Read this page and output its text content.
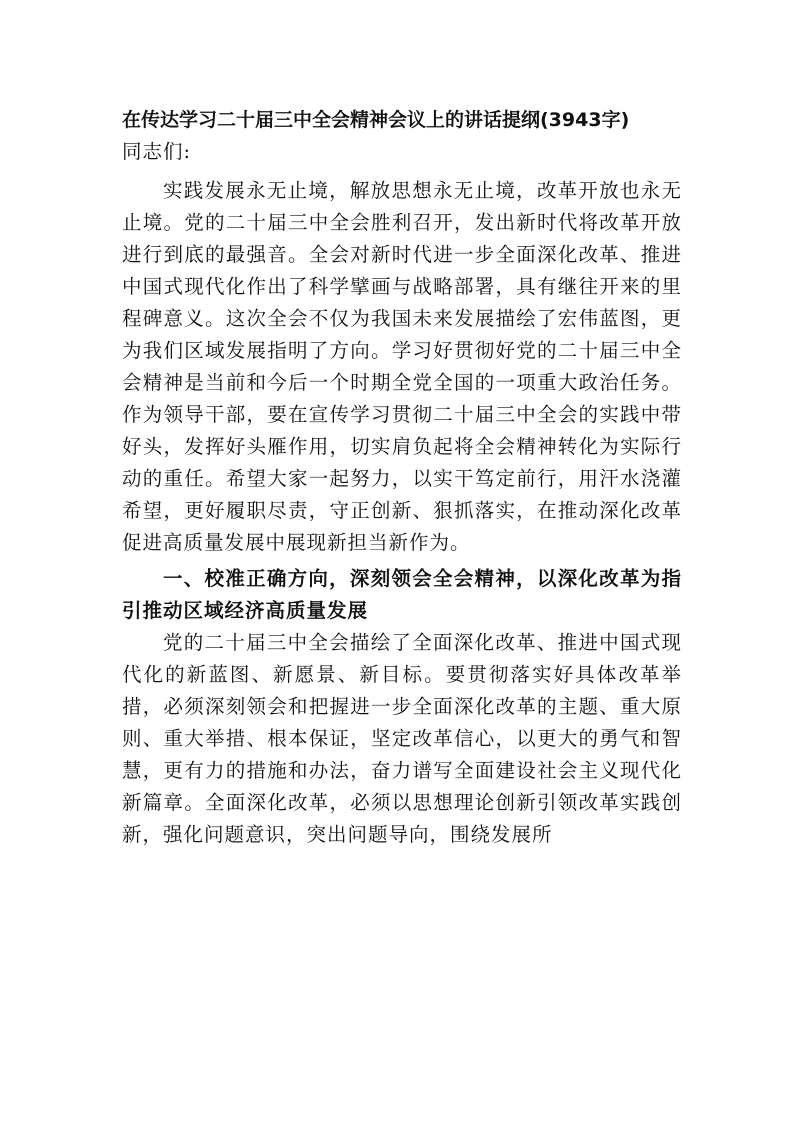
在传达学习二十届三中全会精神会议上的讲话提纲(3943字)

同志们:

实践发展永无止境，解放思想永无止境，改革开放也永无止境。党的二十届三中全会胜利召开，发出新时代将改革开放进行到底的最强音。全会对新时代进一步全面深化改革、推进中国式现代化作出了科学擘画与战略部署，具有继往开来的里程碑意义。这次全会不仅为我国未来发展描绘了宏伟蓝图，更为我们区域发展指明了方向。学习好贯彻好党的二十届三中全会精神是当前和今后一个时期全党全国的一项重大政治任务。作为领导干部，要在宣传学习贯彻二十届三中全会的实践中带好头，发挥好头雁作用，切实肩负起将全会精神转化为实际行动的重任。希望大家一起努力，以实干笃定前行，用汗水浇灌希望，更好履职尽责，守正创新、狠抓落实，在推动深化改革促进高质量发展中展现新担当新作为。

一、校准正确方向，深刻领会全会精神，以深化改革为指引推动区域经济高质量发展

党的二十届三中全会描绘了全面深化改革、推进中国式现代化的新蓝图、新愿景、新目标。要贯彻落实好具体改革举措，必须深刻领会和把握进一步全面深化改革的主题、重大原则、重大举措、根本保证，坚定改革信心，以更大的勇气和智慧，更有力的措施和办法，奋力谱写全面建设社会主义现代化新篇章。全面深化改革，必须以思想理论创新引领改革实践创新，强化问题意识，突出问题导向，围绕发展所
